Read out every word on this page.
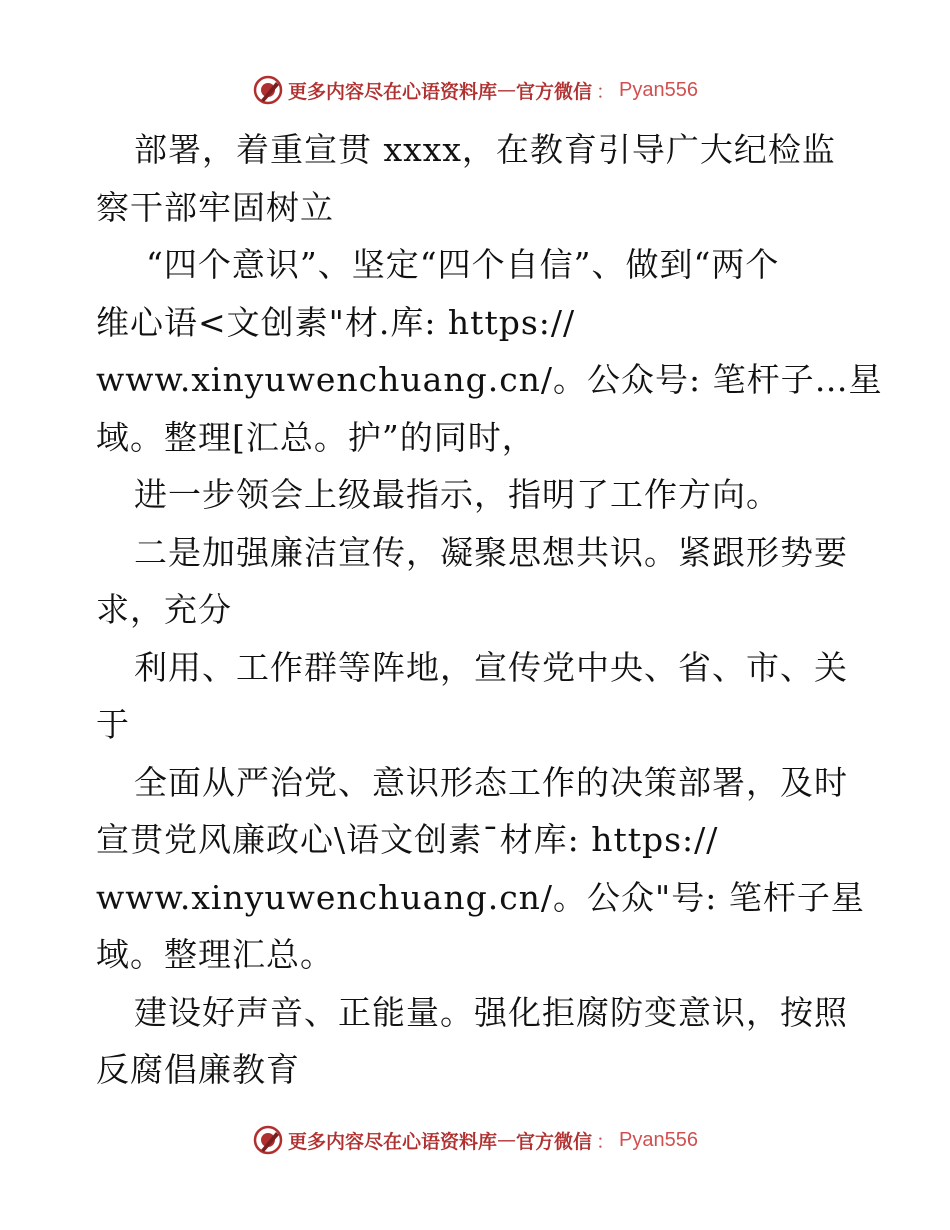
更多内容尽在心语资料库 — 官方微信 ： Pyan556
部署，着重宣贯 xxxx，在教育引导广大纪检监
察干部牢固树立
“四个意识”、坚定“四个自信”、做到“两个
维心语<文创素"材.库: https://
www.xinyuwenchuang.cn/。公众号: 笔杆子…星
域。整理[汇总。护”的同时，
进一步领会上级最指示，指明了工作方向。
二是加强廉洁宣传，凝聚思想共识。紧跟形势要
求，充分
利用、工作群等阵地，宣传党中央、省、市、关
于
全面从严治党、意识形态工作的决策部署，及时
宣贯党风廉政心\语文创素¯材库: https://
www.xinyuwenchuang.cn/。公众"号: 笔杆子星
域。整理汇总。
建设好声音、正能量。强化拒腐防变意识，按照
反腐倡廉教育
更多内容尽在心语资料库 — 官方微信 ： Pyan556
